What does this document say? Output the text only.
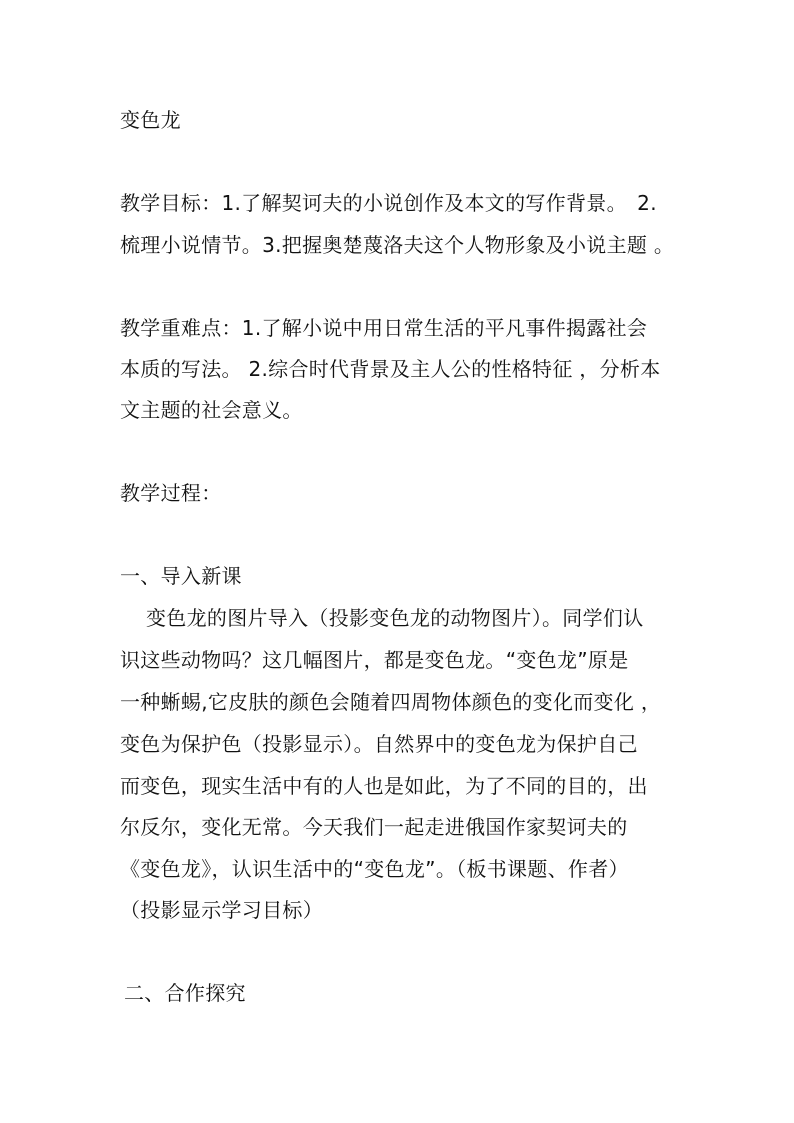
变色龙
教学目标：1.了解契诃夫的小说创作及本文的写作背景。　2.
梳理小说情节。3.把握奥楚蔑洛夫这个人物形象及小说主题 。
教学重难点：1.了解小说中用日常生活的平凡事件揭露社会
本质的写法。 2.综合时代背景及主人公的性格特征 ，分析本
文主题的社会意义。
教学过程：
一、导入新课
变色龙的图片导入（投影变色龙的动物图片）。同学们认
识这些动物吗？这几幅图片，都是变色龙。“变色龙”原是
一种蜥蜴,它皮肤的颜色会随着四周物体颜色的变化而变化 ，
变色为保护色（投影显示）。自然界中的变色龙为保护自己
而变色，现实生活中有的人也是如此，为了不同的目的，出
尔反尔，变化无常。今天我们一起走进俄国作家契诃夫的
《变色龙》，认识生活中的“变色龙”。（板书课题、作者）
（投影显示学习目标）
二、合作探究
